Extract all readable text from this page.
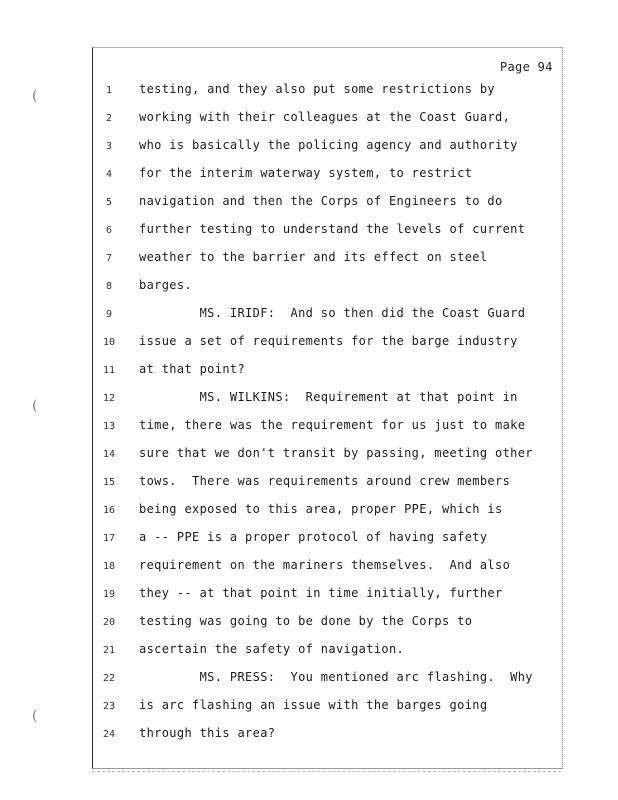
(
(
(
Page 94
1	testing, and they also put some restrictions by
2	working with their colleagues at the Coast Guard,
3	who is basically the policing agency and authority
4	for the interim waterway system, to restrict
5	navigation and then the Corps of Engineers to do
6	further testing to understand the levels of current
7	weather to the barrier and its effect on steel
8	barges.
9	MS. IRIDF:  And so then did the Coast Guard
10	issue a set of requirements for the barge industry
11	at that point?
12	MS. WILKINS:  Requirement at that point in
13	time, there was the requirement for us just to make
14	sure that we don't transit by passing, meeting other
15	tows.  There was requirements around crew members
16	being exposed to this area, proper PPE, which is
17	a -- PPE is a proper protocol of having safety
18	requirement on the mariners themselves.  And also
19	they -- at that point in time initially, further
20	testing was going to be done by the Corps to
21	ascertain the safety of navigation.
22	MS. PRESS:  You mentioned arc flashing.  Why
23	is arc flashing an issue with the barges going
24	through this area?
